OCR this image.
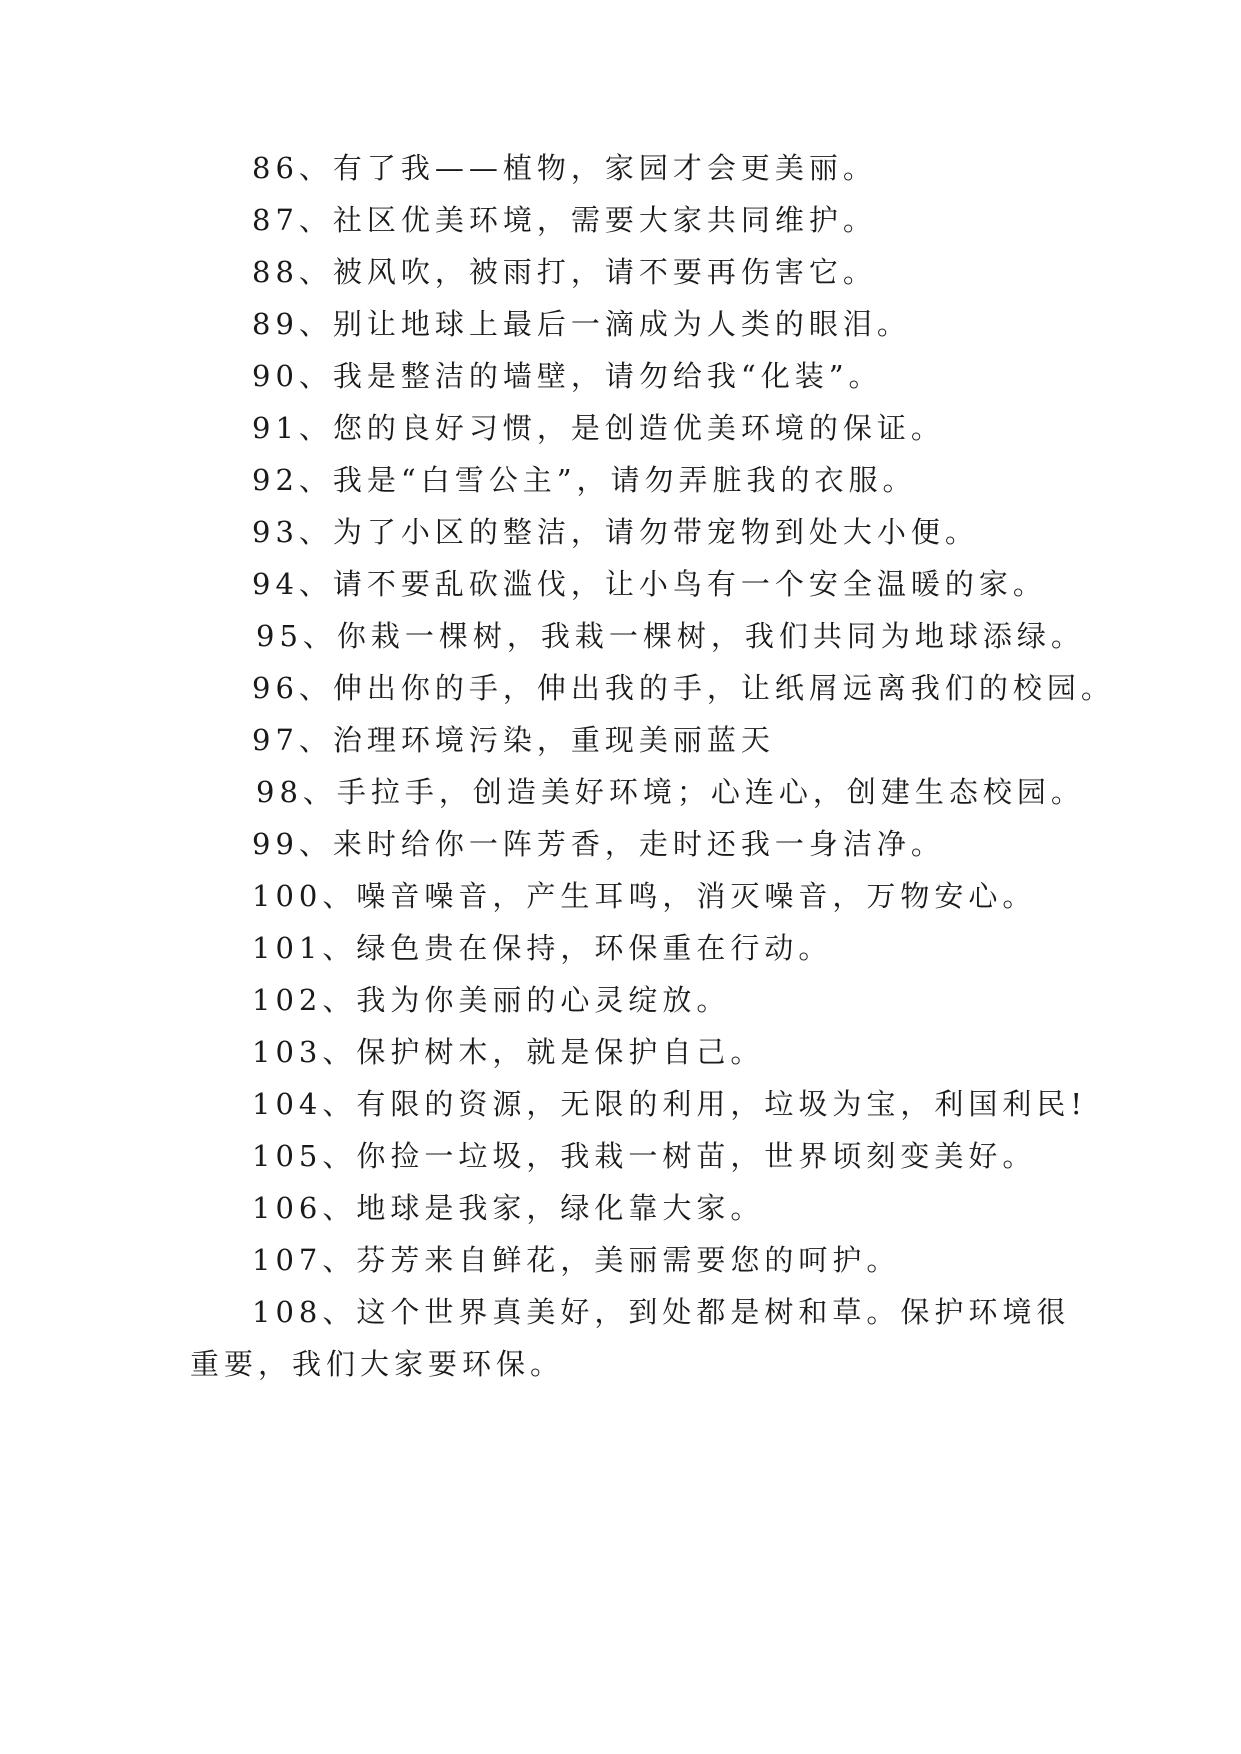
86、有了我——植物，家园才会更美丽。
87、社区优美环境，需要大家共同维护。
88、被风吹，被雨打，请不要再伤害它。
89、别让地球上最后一滴成为人类的眼泪。
90、我是整洁的墙壁，请勿给我“化装”。
91、您的良好习惯，是创造优美环境的保证。
92、我是“白雪公主”，请勿弄脏我的衣服。
93、为了小区的整洁，请勿带宠物到处大小便。
94、请不要乱砍滥伐，让小鸟有一个安全温暖的家。
95、你栽一棵树，我栽一棵树，我们共同为地球添绿。
96、伸出你的手，伸出我的手，让纸屑远离我们的校园。
97、治理环境污染，重现美丽蓝天
98、手拉手，创造美好环境；心连心，创建生态校园。
99、来时给你一阵芳香，走时还我一身洁净。
100、噪音噪音，产生耳鸣，消灭噪音，万物安心。
101、绿色贵在保持，环保重在行动。
102、我为你美丽的心灵绽放。
103、保护树木，就是保护自己。
104、有限的资源，无限的利用，垃圾为宝，利国利民!
105、你捡一垃圾，我栽一树苗，世界顷刻变美好。
106、地球是我家，绿化靠大家。
107、芬芳来自鲜花，美丽需要您的呵护。
108、这个世界真美好，到处都是树和草。保护环境很
重要，我们大家要环保。
